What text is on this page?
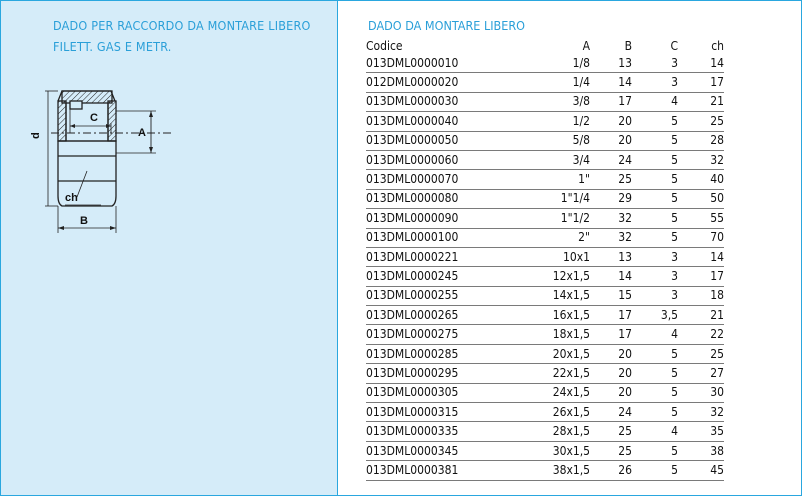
DADO PER RACCORDO DA MONTARE LIBERO
FILETT. GAS E METR.
C
A
d
ch
B
DADO DA MONTARE LIBERO
Codice	A	B	C	ch
013DML0000010	1/8	13	3	14
012DML0000020	1/4	14	3	17
013DML0000030	3/8	17	4	21
013DML0000040	1/2	20	5	25
013DML0000050	5/8	20	5	28
013DML0000060	3/4	24	5	32
013DML0000070	1"	25	5	40
013DML0000080	1"1/4	29	5	50
013DML0000090	1"1/2	32	5	55
013DML0000100	2"	32	5	70
013DML0000221	10x1	13	3	14
013DML0000245	12x1,5	14	3	17
013DML0000255	14x1,5	15	3	18
013DML0000265	16x1,5	17	3,5	21
013DML0000275	18x1,5	17	4	22
013DML0000285	20x1,5	20	5	25
013DML0000295	22x1,5	20	5	27
013DML0000305	24x1,5	20	5	30
013DML0000315	26x1,5	24	5	32
013DML0000335	28x1,5	25	4	35
013DML0000345	30x1,5	25	5	38
013DML0000381	38x1,5	26	5	45
